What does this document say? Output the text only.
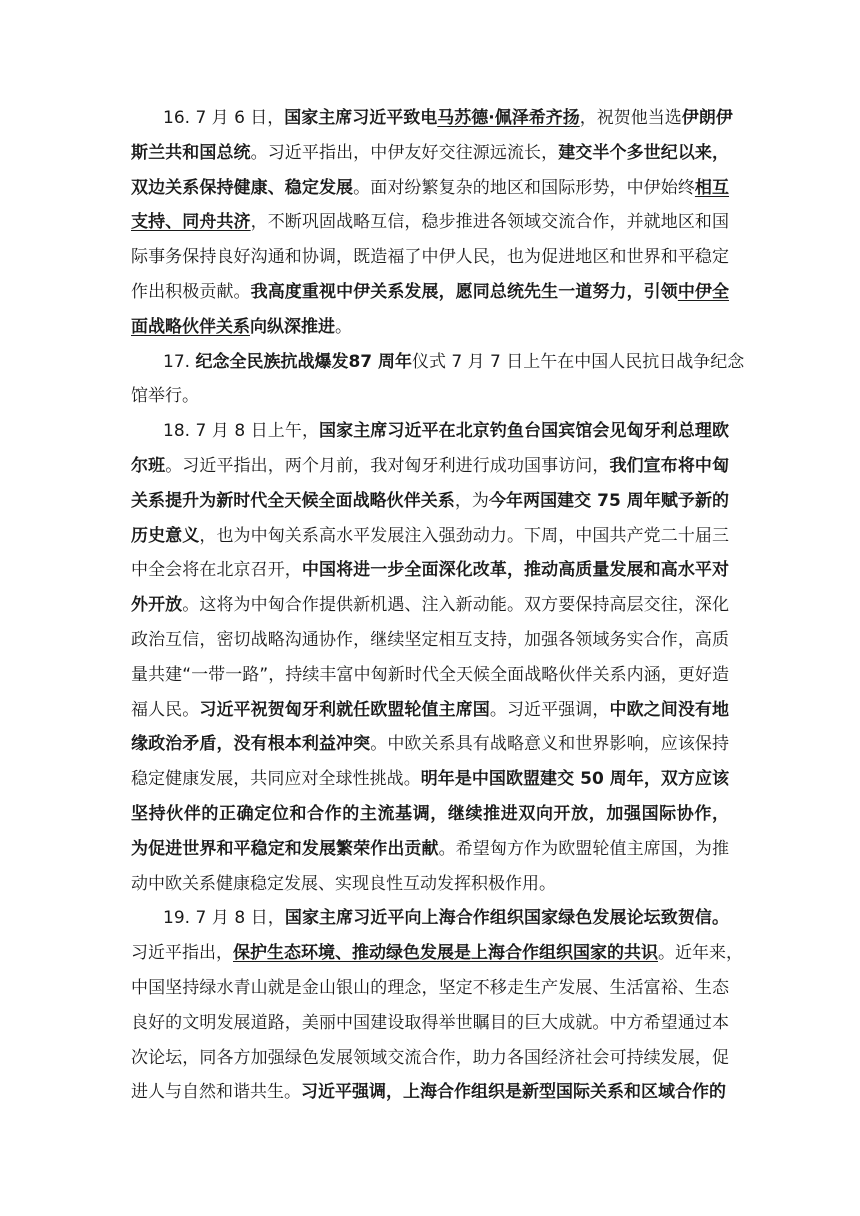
16. 7 月 6 日，国家主席习近平致电马苏德·佩泽希齐扬，祝贺他当选伊朗伊
斯兰共和国总统。习近平指出，中伊友好交往源远流长，建交半个多世纪以来，
双边关系保持健康、稳定发展。面对纷繁复杂的地区和国际形势，中伊始终相互
支持、同舟共济，不断巩固战略互信，稳步推进各领域交流合作，并就地区和国
际事务保持良好沟通和协调，既造福了中伊人民，也为促进地区和世界和平稳定
作出积极贡献。我高度重视中伊关系发展，愿同总统先生一道努力，引领中伊全
面战略伙伴关系向纵深推进。
17. 纪念全民族抗战爆发87 周年仪式 7 月 7 日上午在中国人民抗日战争纪念
馆举行。
18. 7 月 8 日上午，国家主席习近平在北京钓鱼台国宾馆会见匈牙利总理欧
尔班。习近平指出，两个月前，我对匈牙利进行成功国事访问，我们宣布将中匈
关系提升为新时代全天候全面战略伙伴关系，为今年两国建交 75 周年赋予新的
历史意义，也为中匈关系高水平发展注入强劲动力。下周，中国共产党二十届三
中全会将在北京召开，中国将进一步全面深化改革，推动高质量发展和高水平对
外开放。这将为中匈合作提供新机遇、注入新动能。双方要保持高层交往，深化
政治互信，密切战略沟通协作，继续坚定相互支持，加强各领域务实合作，高质
量共建“一带一路”，持续丰富中匈新时代全天候全面战略伙伴关系内涵，更好造
福人民。习近平祝贺匈牙利就任欧盟轮值主席国。习近平强调，中欧之间没有地
缘政治矛盾，没有根本利益冲突。中欧关系具有战略意义和世界影响，应该保持
稳定健康发展，共同应对全球性挑战。明年是中国欧盟建交 50 周年，双方应该
坚持伙伴的正确定位和合作的主流基调，继续推进双向开放，加强国际协作，
为促进世界和平稳定和发展繁荣作出贡献。希望匈方作为欧盟轮值主席国，为推
动中欧关系健康稳定发展、实现良性互动发挥积极作用。
19. 7 月 8 日，国家主席习近平向上海合作组织国家绿色发展论坛致贺信。
习近平指出，保护生态环境、推动绿色发展是上海合作组织国家的共识。近年来，
中国坚持绿水青山就是金山银山的理念，坚定不移走生产发展、生活富裕、生态
良好的文明发展道路，美丽中国建设取得举世瞩目的巨大成就。中方希望通过本
次论坛，同各方加强绿色发展领域交流合作，助力各国经济社会可持续发展，促
进人与自然和谐共生。习近平强调，上海合作组织是新型国际关系和区域合作的
